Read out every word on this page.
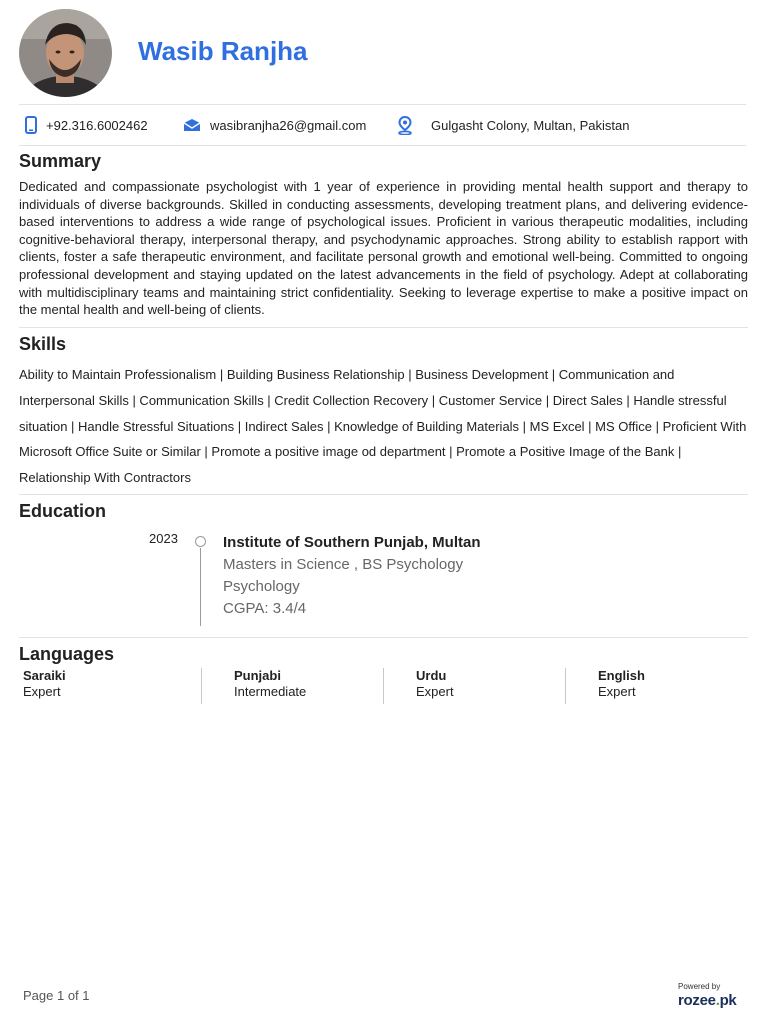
Wasib Ranjha
+92.316.6002462	wasibranjha26@gmail.com	Gulgasht Colony, Multan, Pakistan
Summary

Dedicated and compassionate psychologist with 1 year of experience in providing mental health support and therapy to individuals of diverse backgrounds. Skilled in conducting assessments, developing treatment plans, and delivering evidence-based interventions to address a wide range of psychological issues. Proficient in various therapeutic modalities, including cognitive-behavioral therapy, interpersonal therapy, and psychodynamic approaches. Strong ability to establish rapport with clients, foster a safe therapeutic environment, and facilitate personal growth and emotional well-being. Committed to ongoing professional development and staying updated on the latest advancements in the field of psychology. Adept at collaborating with multidisciplinary teams and maintaining strict confidentiality. Seeking to leverage expertise to make a positive impact on the mental health and well-being of clients.

Skills

Ability to Maintain Professionalism | Building Business Relationship | Business Development | Communication and Interpersonal Skills | Communication Skills | Credit Collection Recovery | Customer Service | Direct Sales | Handle stressful situation | Handle Stressful Situations | Indirect Sales | Knowledge of Building Materials | MS Excel | MS Office | Proficient With Microsoft Office Suite or Similar | Promote a positive image od department | Promote a Positive Image of the Bank | Relationship With Contractors

Education
2023	Institute of Southern Punjab, Multan
Masters in Science , BS Psychology
Psychology
CGPA: 3.4/4
Languages
Saraiki
Expert
Punjabi
Intermediate
Urdu
Expert
English
Expert
Page 1 of 1
Powered by
rozee.pk
